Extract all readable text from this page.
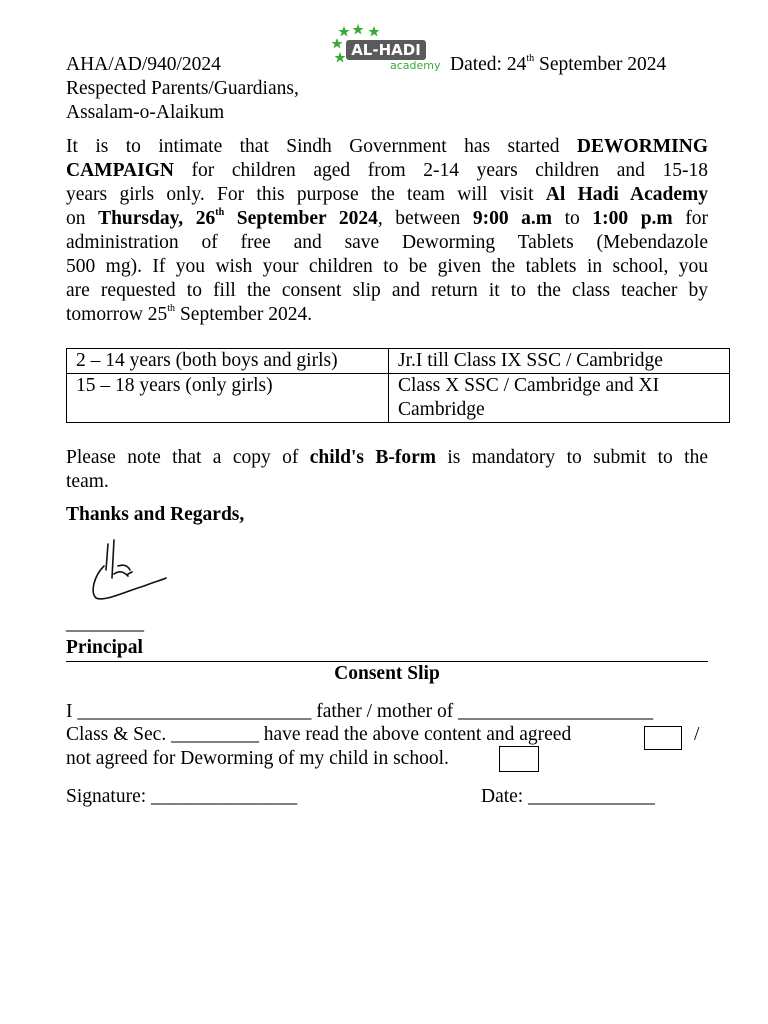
AL-HADI
academy
AHA/AD/940/2024	Dated: 24th September 2024
Respected Parents/Guardians,
Assalam-o-Alaikum
It is to intimate that Sindh Government has started DEWORMING
CAMPAIGN for children aged from 2-14 years children and 15-18
years girls only. For this purpose the team will visit Al Hadi Academy
on Thursday, 26th September 2024, between 9:00 a.m to 1:00 p.m for
administration of free and save Deworming Tablets (Mebendazole
500 mg). If you wish your children to be given the tablets in school, you
are requested to fill the consent slip and return it to the class teacher by
tomorrow 25th September 2024.
2 – 14 years (both boys and girls)	Jr.I till Class IX SSC / Cambridge
15 – 18 years (only girls)	Class X SSC / Cambridge and XI Cambridge
Please note that a copy of child's B-form is mandatory to submit to the
team.
Thanks and Regards,
________
Principal
Consent Slip
I ________________________ father / mother of ____________________
Class & Sec. _________ have read the above content and agreed	/
not agreed for Deworming of my child in school.
Signature: _______________	Date: _____________
